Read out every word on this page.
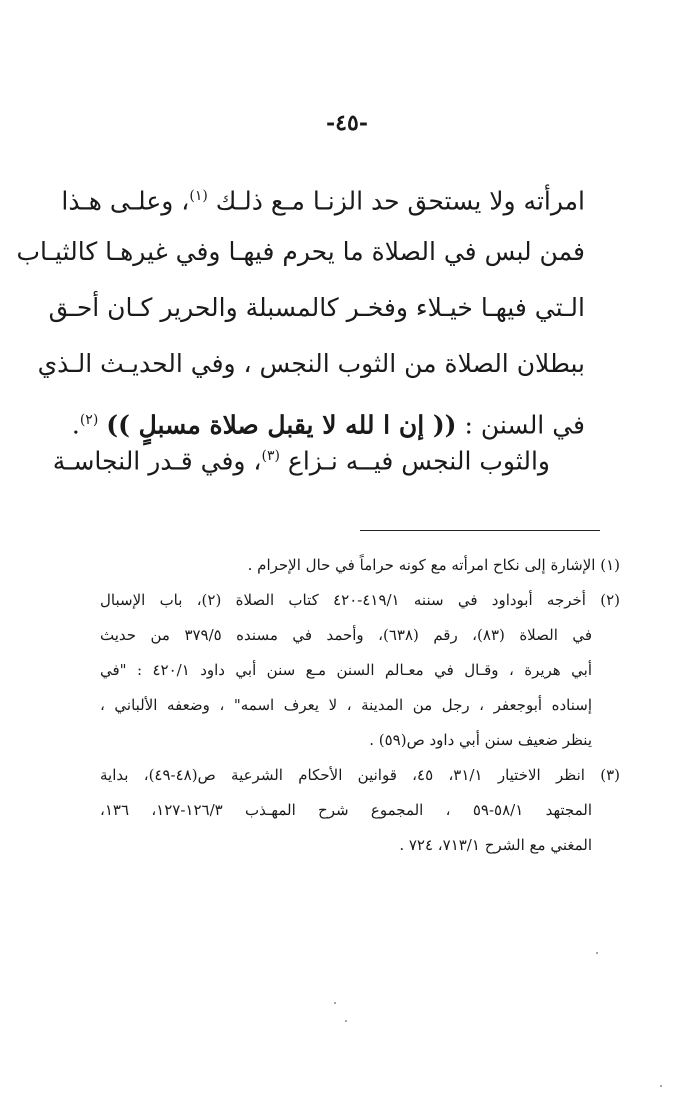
-٤٥-
امرأته ولا يستحق حد الزنـا مـع ذلـك $^{(١)}$، وعلـى هـذا
فمن لبس في الصلاة ما يحرم فيهـا وفي غيرهـا كالثيـاب
الـتي فيهـا خيـلاء وفخـر كالمسبلة والحرير كـان أحـق
ببطلان الصلاة من الثوب النجس ، وفي الحديـث الـذي
في السنن : (( إن ا لله لا يقبل صلاة مسبلٍ )) $^{(٢)}$.
والثوب النجس فيــه نـزاع $^{(٣)}$، وفي قـدر النجاسـة
(١) الإشارة إلى نكاح امرأته مع كونه حراماً في حال الإحرام .
(٢) أخرجه أبوداود في سننه ٤١٩/١-٤٢٠ كتاب الصلاة (٢)، باب الإسبال
في الصلاة (٨٣)، رقم (٦٣٨)، وأحمد في مسنده ٣٧٩/٥ من حديث
أبي هريرة ، وقـال في معـالم السنن مـع سنن أبي داود ٤٢٠/١ : "في
إسناده أبوجعفر ، رجل من المدينة ، لا يعرف اسمه" ، وضعفه الألباني ،
ينظر ضعيف سنن أبي داود ص(٥٩) .
(٣) انظر الاختيار ٣١/١، ٤٥، قوانين الأحكام الشرعية ص(٤٨-٤٩)، بداية
المجتهد ٥٨/١-٥٩ ، المجموع شرح المهـذب ١٢٦/٣-١٢٧، ١٣٦،
المغني مع الشرح ٧١٣/١، ٧٢٤ .
